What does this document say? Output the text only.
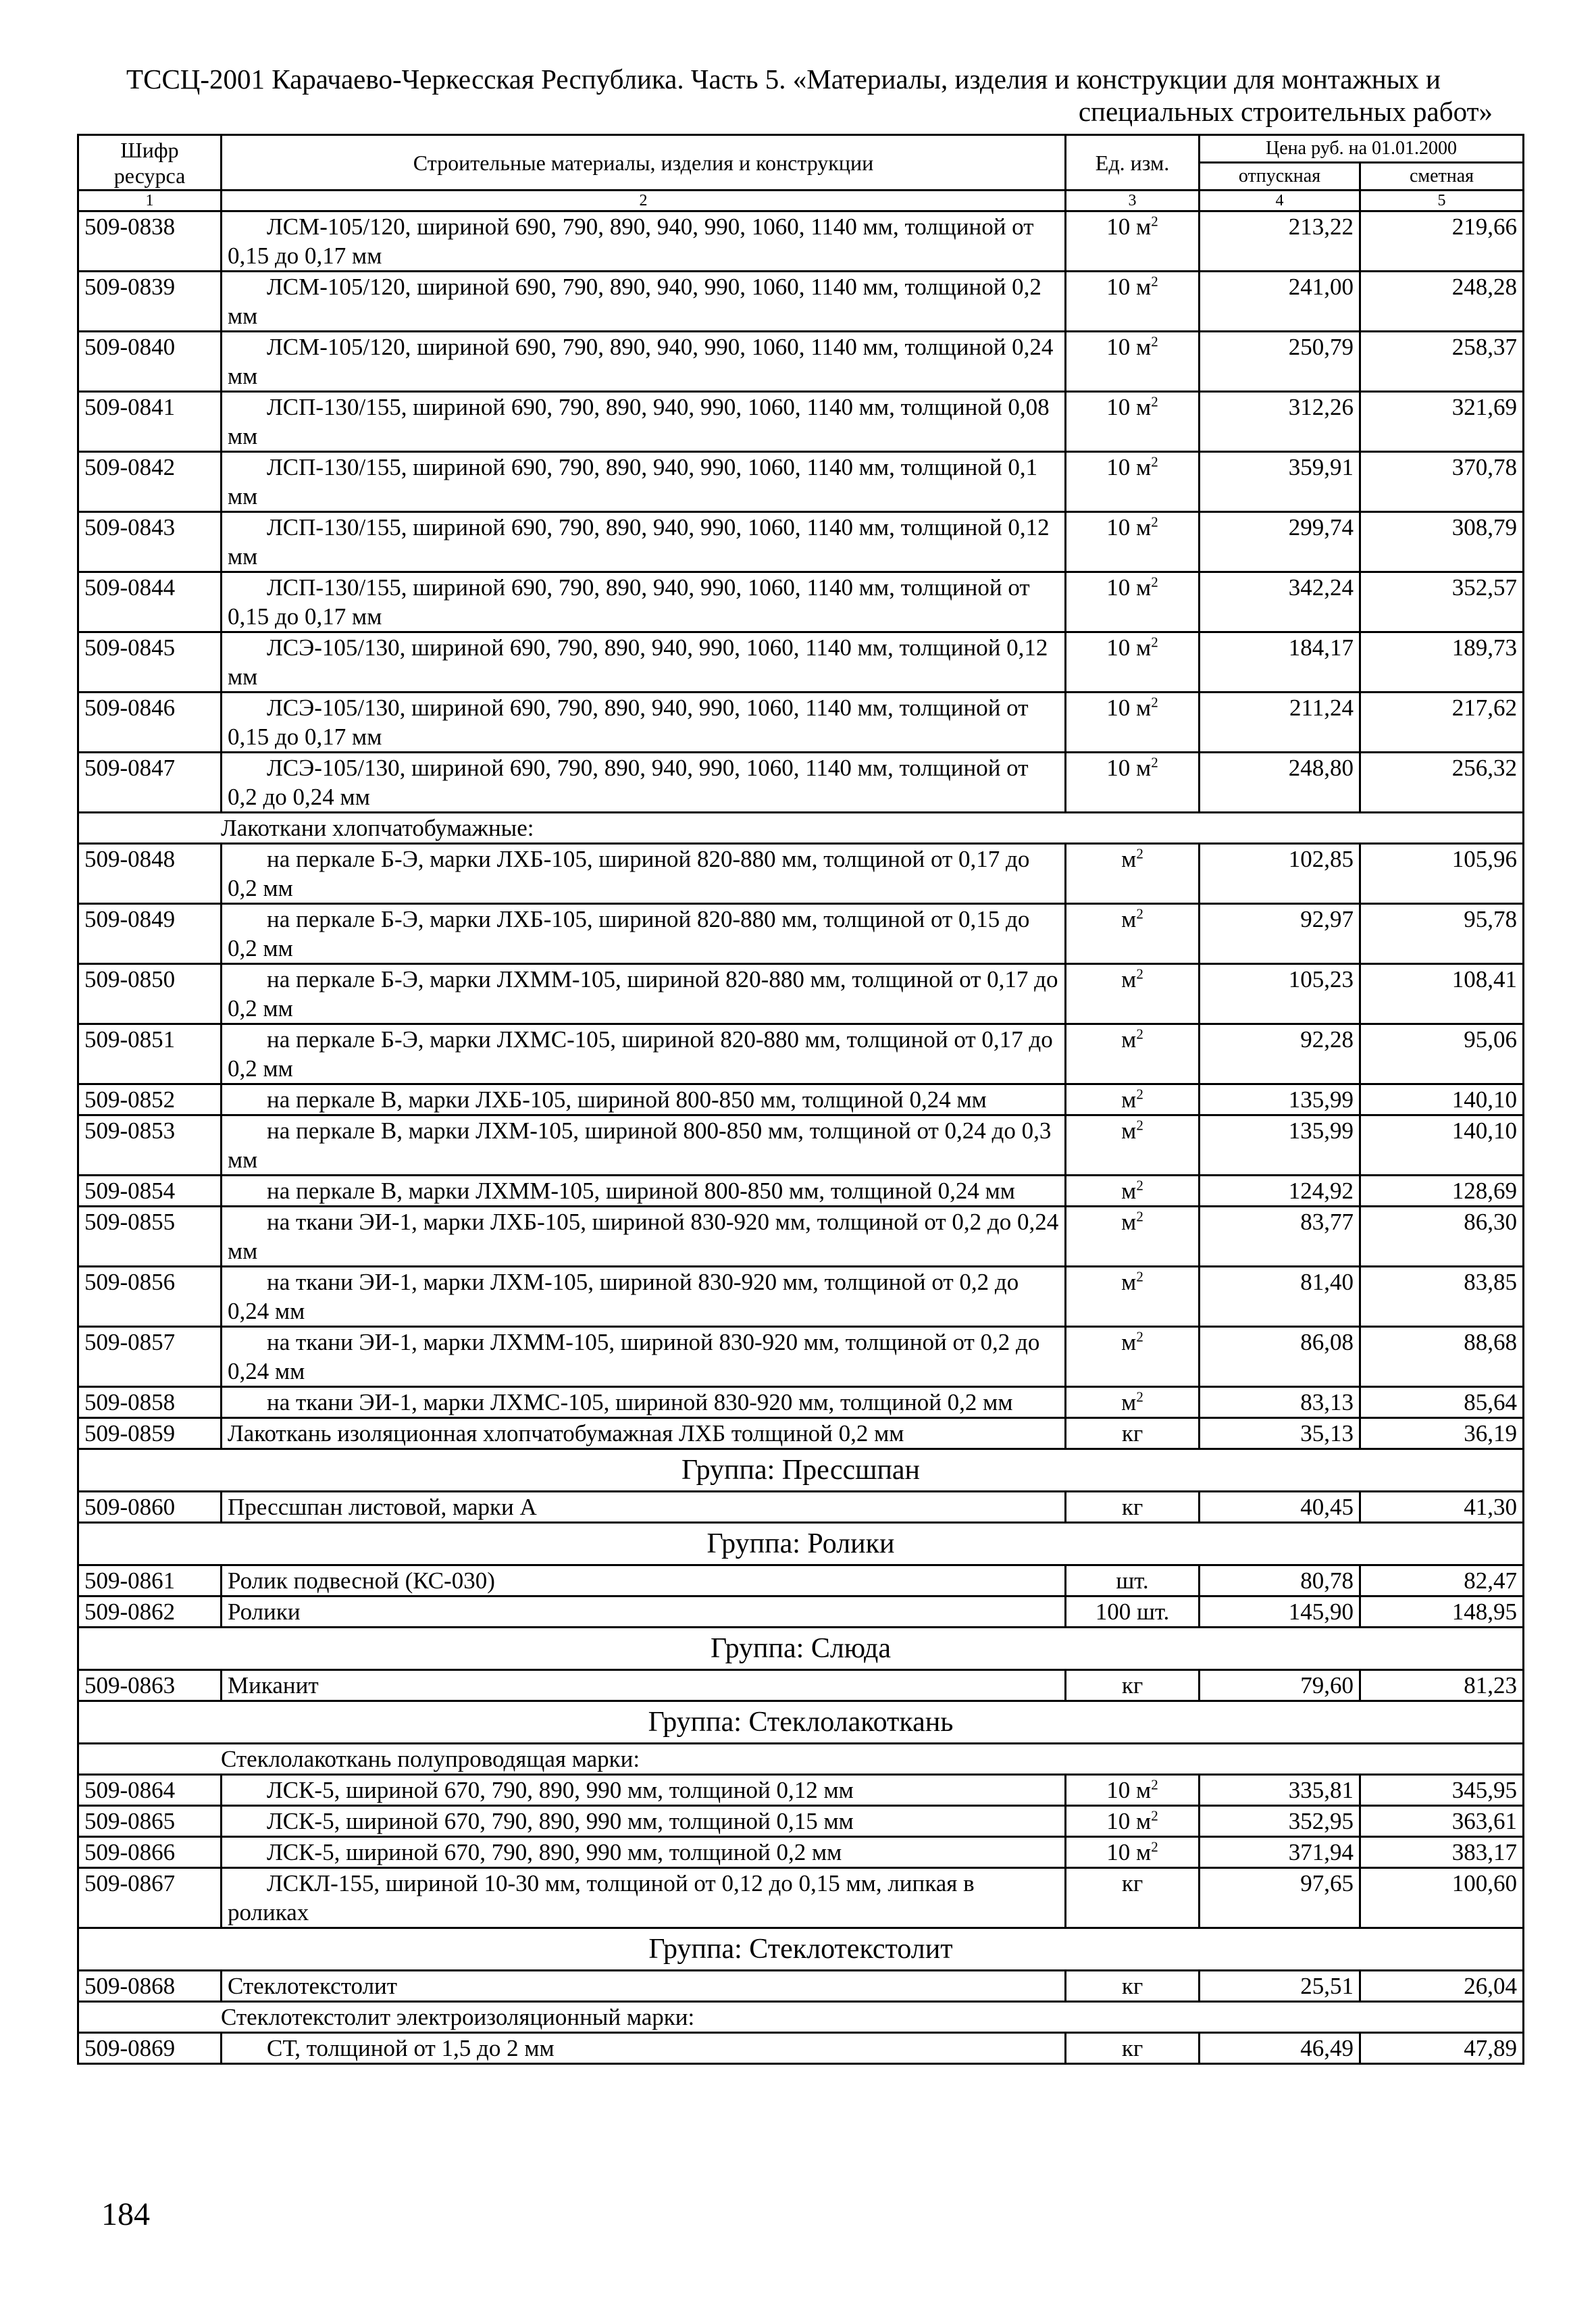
ТССЦ-2001 Карачаево-Черкесская Республика. Часть 5. «Материалы, изделия и конструкции для монтажных и
специальных строительных работ»
Шифр ресурса	Строительные материалы, изделия и конструкции	Ед. изм.	Цена руб. на 01.01.2000	
			отпускная	сметная
1	2	3	4	5
509-0838	ЛСМ-105/120, шириной 690, 790, 890, 940, 990, 1060, 1140 мм, толщиной от 0,15 до 0,17 мм	10 $м^2$	213,22	219,66
509-0839	ЛСМ-105/120, шириной 690, 790, 890, 940, 990, 1060, 1140 мм, толщиной 0,2 мм	10 $м^2$	241,00	248,28
509-0840	ЛСМ-105/120, шириной 690, 790, 890, 940, 990, 1060, 1140 мм, толщиной 0,24 мм	10 $м^2$	250,79	258,37
509-0841	ЛСП-130/155, шириной 690, 790, 890, 940, 990, 1060, 1140 мм, толщиной 0,08 мм	10 $м^2$	312,26	321,69
509-0842	ЛСП-130/155, шириной 690, 790, 890, 940, 990, 1060, 1140 мм, толщиной 0,1 мм	10 $м^2$	359,91	370,78
509-0843	ЛСП-130/155, шириной 690, 790, 890, 940, 990, 1060, 1140 мм, толщиной 0,12 мм	10 $м^2$	299,74	308,79
509-0844	ЛСП-130/155, шириной 690, 790, 890, 940, 990, 1060, 1140 мм, толщиной от 0,15 до 0,17 мм	10 $м^2$	342,24	352,57
509-0845	ЛСЭ-105/130, шириной 690, 790, 890, 940, 990, 1060, 1140 мм, толщиной 0,12 мм	10 $м^2$	184,17	189,73
509-0846	ЛСЭ-105/130, шириной 690, 790, 890, 940, 990, 1060, 1140 мм, толщиной от 0,15 до 0,17 мм	10 $м^2$	211,24	217,62
509-0847	ЛСЭ-105/130, шириной 690, 790, 890, 940, 990, 1060, 1140 мм, толщиной от 0,2 до 0,24 мм	10 $м^2$	248,80	256,32
Лакоткани хлопчатобумажные:				
509-0848	на перкале Б-Э, марки ЛХБ-105, шириной 820-880 мм, толщиной от 0,17 до 0,2 мм	$м^2$	102,85	105,96
509-0849	на перкале Б-Э, марки ЛХБ-105, шириной 820-880 мм, толщиной от 0,15 до 0,2 мм	$м^2$	92,97	95,78
509-0850	на перкале Б-Э, марки ЛХММ-105, шириной 820-880 мм, толщиной от 0,17 до 0,2 мм	$м^2$	105,23	108,41
509-0851	на перкале Б-Э, марки ЛХМС-105, шириной 820-880 мм, толщиной от 0,17 до 0,2 мм	$м^2$	92,28	95,06
509-0852	на перкале В, марки ЛХБ-105, шириной 800-850 мм, толщиной 0,24 мм	$м^2$	135,99	140,10
509-0853	на перкале В, марки ЛХМ-105, шириной 800-850 мм, толщиной от 0,24 до 0,3 мм	$м^2$	135,99	140,10
509-0854	на перкале В, марки ЛХММ-105, шириной 800-850 мм, толщиной 0,24 мм	$м^2$	124,92	128,69
509-0855	на ткани ЭИ-1, марки ЛХБ-105, шириной 830-920 мм, толщиной от 0,2 до 0,24 мм	$м^2$	83,77	86,30
509-0856	на ткани ЭИ-1, марки ЛХМ-105, шириной 830-920 мм, толщиной от 0,2 до 0,24 мм	$м^2$	81,40	83,85
509-0857	на ткани ЭИ-1, марки ЛХММ-105, шириной 830-920 мм, толщиной от 0,2 до 0,24 мм	$м^2$	86,08	88,68
509-0858	на ткани ЭИ-1, марки ЛХМС-105, шириной 830-920 мм, толщиной 0,2 мм	$м^2$	83,13	85,64
509-0859	Лакоткань изоляционная хлопчатобумажная ЛХБ толщиной 0,2 мм	кг	35,13	36,19
Группа: Прессшпан				
509-0860	Прессшпан листовой, марки А	кг	40,45	41,30
Группа: Ролики				
509-0861	Ролик подвесной (КС-030)	шт.	80,78	82,47
509-0862	Ролики	100 шт.	145,90	148,95
Группа: Слюда				
509-0863	Миканит	кг	79,60	81,23
Группа: Стеклолакоткань				
Стеклолакоткань полупроводящая марки:				
509-0864	ЛСК-5, шириной 670, 790, 890, 990 мм, толщиной 0,12 мм	10 $м^2$	335,81	345,95
509-0865	ЛСК-5, шириной 670, 790, 890, 990 мм, толщиной 0,15 мм	10 $м^2$	352,95	363,61
509-0866	ЛСК-5, шириной 670, 790, 890, 990 мм, толщиной 0,2 мм	10 $м^2$	371,94	383,17
509-0867	ЛСКЛ-155, шириной 10-30 мм, толщиной от 0,12 до 0,15 мм, липкая в роликах	кг	97,65	100,60
Группа: Стеклотекстолит				
509-0868	Стеклотекстолит	кг	25,51	26,04
Стеклотекстолит электроизоляционный марки:				
509-0869	СТ, толщиной от 1,5 до 2 мм	кг	46,49	47,89
184
